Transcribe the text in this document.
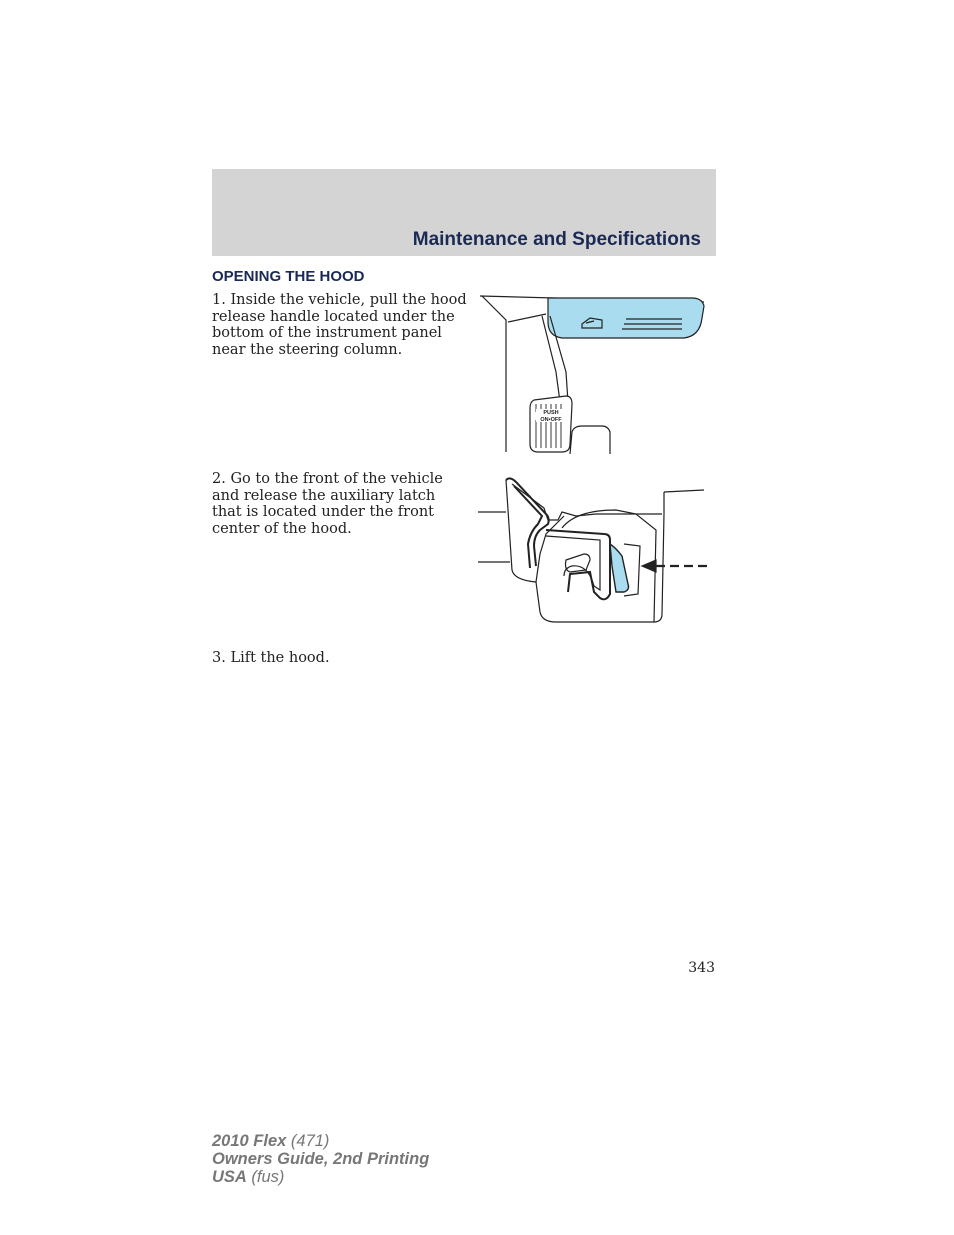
Maintenance and Specifications
OPENING THE HOOD

1. Inside the vehicle, pull the hood release handle located under the bottom of the instrument panel near the steering column.

2. Go to the front of the vehicle and release the auxiliary latch that is located under the front center of the hood.

3. Lift the hood.

PUSH
ON•OFF
343
2010 Flex (471)
Owners Guide, 2nd Printing
USA (fus)
